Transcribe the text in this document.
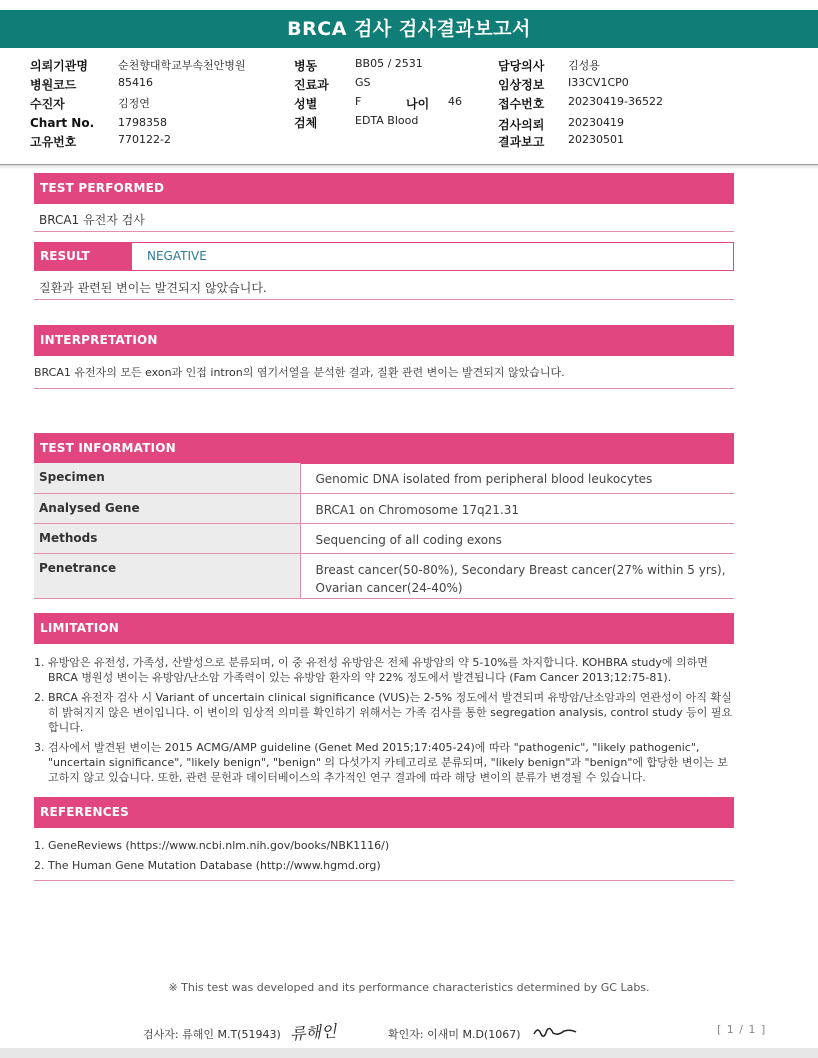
BRCA 검사 검사결과보고서
의뢰기관명	순천향대학교부속천안병원
병원코드	85416
수진자	김정연
Chart No. 1798358
고유번호	770122-2
병동	BB05 / 2531
진료과 GS
성별	F	나이 46
검체	EDTA Blood
담당의사 김성용
임상정보 I33CV1CP0
접수번호 20230419-36522
검사의뢰 20230419
결과보고 20230501
TEST PERFORMED
BRCA1 유전자 검사
RESULT	NEGATIVE
질환과 관련된 변이는 발견되지 않았습니다.
INTERPRETATION
BRCA1 유전자의 모든 exon과 인접 intron의 염기서열을 분석한 결과, 질환 관련 변이는 발견되지 않았습니다.
TEST INFORMATION
Specimen	Genomic DNA isolated from peripheral blood leukocytes
Analysed Gene	BRCA1 on Chromosome 17q21.31
Methods	Sequencing of all coding exons
Penetrance	Breast cancer(50-80%), Secondary Breast cancer(27% within 5 yrs), Ovarian cancer(24-40%)
LIMITATION
1. 유방암은 유전성, 가족성, 산발성으로 분류되며, 이 중 유전성 유방암은 전체 유방암의 약 5-10%를 차지합니다. KOHBRA study에 의하면 BRCA 병원성 변이는 유방암/난소암 가족력이 있는 유방암 환자의 약 22% 정도에서 발견됩니다 (Fam Cancer 2013;12:75-81).
2. BRCA 유전자 검사 시 Variant of uncertain clinical significance (VUS)는 2-5% 정도에서 발견되며 유방암/난소암과의 연관성이 아직 확실히 밝혀지지 않은 변이입니다. 이 변이의 임상적 의미를 확인하기 위해서는 가족 검사를 통한 segregation analysis, control study 등이 필요합니다.
3. 검사에서 발견된 변이는 2015 ACMG/AMP guideline (Genet Med 2015;17:405-24)에 따라 "pathogenic", "likely pathogenic", "uncertain significance", "likely benign", "benign" 의 다섯가지 카테고리로 분류되며, "likely benign"과 "benign"에 합당한 변이는 보고하지 않고 있습니다. 또한, 관련 문헌과 데이터베이스의 추가적인 연구 결과에 따라 해당 변이의 분류가 변경될 수 있습니다.
REFERENCES
1. GeneReviews (https://www.ncbi.nlm.nih.gov/books/NBK1116/)
2. The Human Gene Mutation Database (http://www.hgmd.org)
※ This test was developed and its performance characteristics determined by GC Labs.
검사자: 류해인 M.T(51943) 류해인	확인자: 이새미 M.D(1067)	[ 1 / 1 ]
